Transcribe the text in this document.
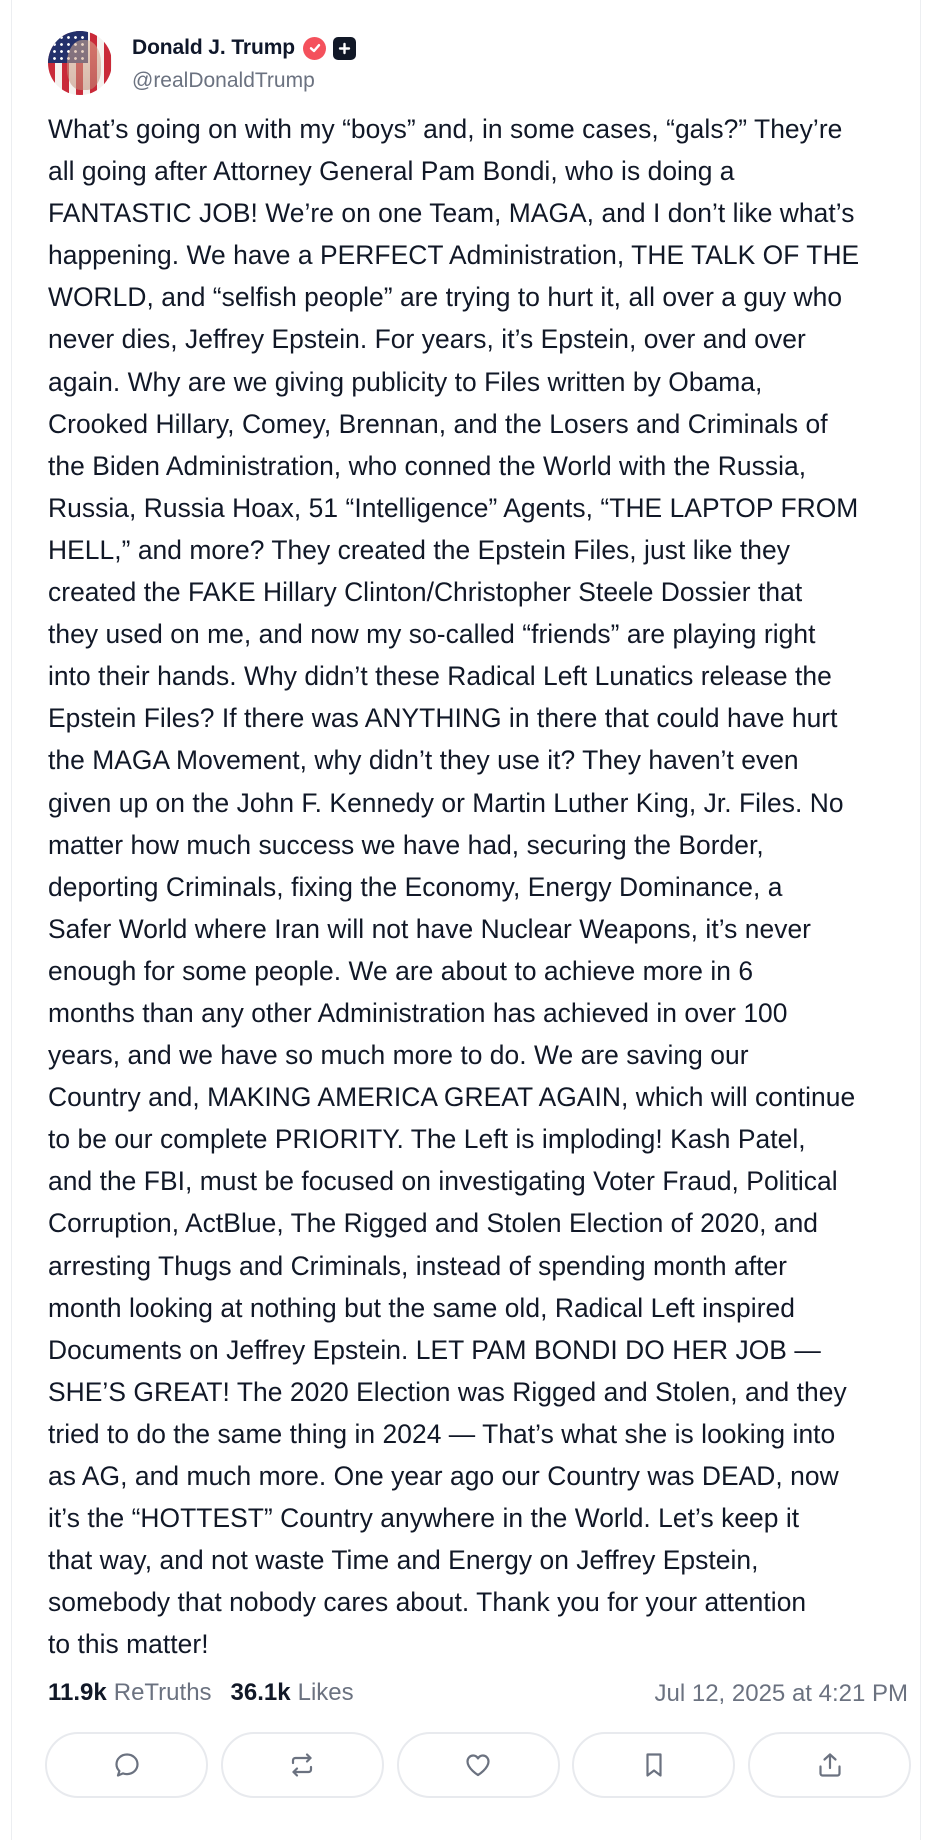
Donald J. Trump
@realDonaldTrump
What’s going on with my “boys” and, in some cases, “gals?” They’re
all going after Attorney General Pam Bondi, who is doing a
FANTASTIC JOB! We’re on one Team, MAGA, and I don’t like what’s
happening. We have a PERFECT Administration, THE TALK OF THE
WORLD, and “selfish people” are trying to hurt it, all over a guy who
never dies, Jeffrey Epstein. For years, it’s Epstein, over and over
again. Why are we giving publicity to Files written by Obama,
Crooked Hillary, Comey, Brennan, and the Losers and Criminals of
the Biden Administration, who conned the World with the Russia,
Russia, Russia Hoax, 51 “Intelligence” Agents, “THE LAPTOP FROM
HELL,” and more? They created the Epstein Files, just like they
created the FAKE Hillary Clinton/Christopher Steele Dossier that
they used on me, and now my so-called “friends” are playing right
into their hands. Why didn’t these Radical Left Lunatics release the
Epstein Files? If there was ANYTHING in there that could have hurt
the MAGA Movement, why didn’t they use it? They haven’t even
given up on the John F. Kennedy or Martin Luther King, Jr. Files. No
matter how much success we have had, securing the Border,
deporting Criminals, fixing the Economy, Energy Dominance, a
Safer World where Iran will not have Nuclear Weapons, it’s never
enough for some people. We are about to achieve more in 6
months than any other Administration has achieved in over 100
years, and we have so much more to do. We are saving our
Country and, MAKING AMERICA GREAT AGAIN, which will continue
to be our complete PRIORITY. The Left is imploding! Kash Patel,
and the FBI, must be focused on investigating Voter Fraud, Political
Corruption, ActBlue, The Rigged and Stolen Election of 2020, and
arresting Thugs and Criminals, instead of spending month after
month looking at nothing but the same old, Radical Left inspired
Documents on Jeffrey Epstein. LET PAM BONDI DO HER JOB —
SHE’S GREAT! The 2020 Election was Rigged and Stolen, and they
tried to do the same thing in 2024 — That’s what she is looking into
as AG, and much more. One year ago our Country was DEAD, now
it’s the “HOTTEST” Country anywhere in the World. Let’s keep it
that way, and not waste Time and Energy on Jeffrey Epstein,
somebody that nobody cares about. Thank you for your attention
to this matter!
11.9k ReTruths 36.1k Likes	Jul 12, 2025 at 4:21 PM
